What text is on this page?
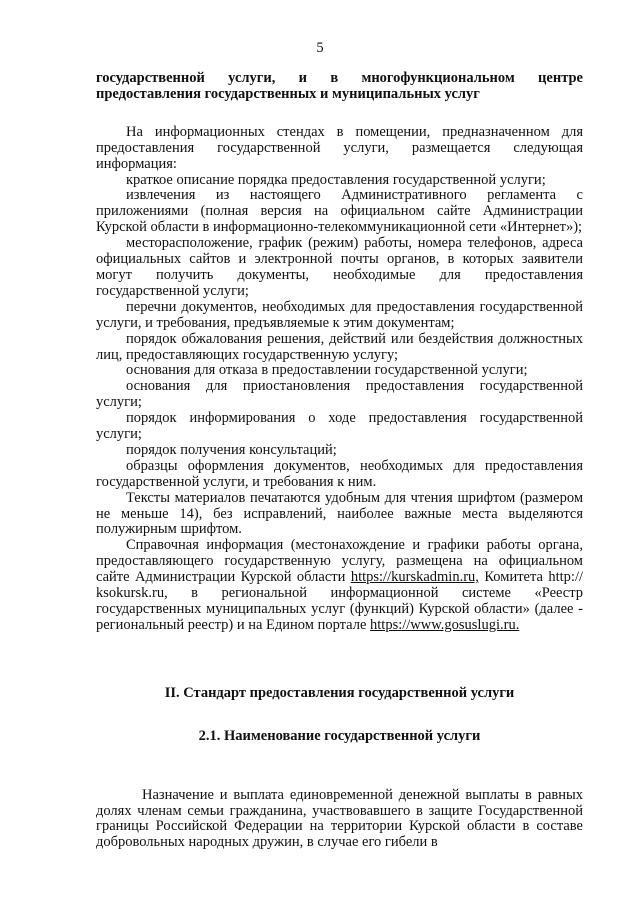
5

государственной услуги, и в многофункциональном центре предоставления государственных и муниципальных услуг

На информационных стендах в помещении, предназначенном для предоставления государственной услуги, размещается следующая информация:

краткое описание порядка предоставления государственной услуги;

извлечения из настоящего Административного регламента с приложениями (полная версия на официальном сайте Администрации Курской области в информационно-телекоммуникационной сети «Интернет»);

месторасположение, график (режим) работы, номера телефонов, адреса официальных сайтов и электронной почты органов, в которых заявители могут получить документы, необходимые для предоставления государственной услуги;

перечни документов, необходимых для предоставления государственной услуги, и требования, предъявляемые к этим документам;

порядок обжалования решения, действий или бездействия должностных лиц, предоставляющих государственную услугу;

основания для отказа в предоставлении государственной услуги;

основания для приостановления предоставления государственной услуги;

порядок информирования о ходе предоставления государственной услуги;

порядок получения консультаций;

образцы оформления документов, необходимых для предоставления государственной услуги, и требования к ним.

Тексты материалов печатаются удобным для чтения шрифтом (размером не меньше 14), без исправлений, наиболее важные места выделяются полужирным шрифтом.

Справочная информация (местонахождение и графики работы органа, предоставляющего государственную услугу, размещена на официальном сайте Администрации Курской области https://kurskadmin.ru, Комитета http:// ksokursk.ru, в региональной информационной системе «Реестр государственных муниципальных услуг (функций) Курской области» (далее - региональный реестр) и на Едином портале https://www.gosuslugi.ru.

II. Стандарт предоставления государственной услуги

2.1. Наименование государственной услуги

Назначение и выплата единовременной денежной выплаты в равных долях членам семьи гражданина, участвовавшего в защите Государственной границы Российской Федерации на территории Курской области в составе добровольных народных дружин, в случае его гибели в
